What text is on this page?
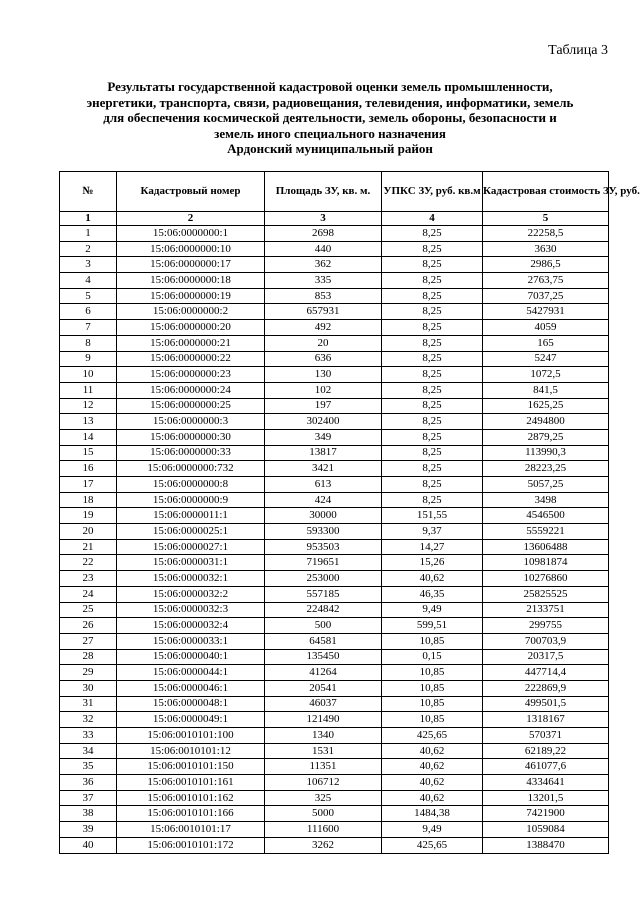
Таблица 3
Результаты государственной кадастровой оценки земель промышленности,
энергетики, транспорта, связи, радиовещания, телевидения, информатики, земель
для обеспечения космической деятельности, земель обороны, безопасности и
земель иного специального назначения
Ардонский муниципальный район
№	Кадастровый номер	Площадь ЗУ, кв. м.	УПКС ЗУ, руб. кв.м	Кадастровая стоимость ЗУ, руб.
1	2	3	4	5
1	15:06:0000000:1	2698	8,25	22258,5
2	15:06:0000000:10	440	8,25	3630
3	15:06:0000000:17	362	8,25	2986,5
4	15:06:0000000:18	335	8,25	2763,75
5	15:06:0000000:19	853	8,25	7037,25
6	15:06:0000000:2	657931	8,25	5427931
7	15:06:0000000:20	492	8,25	4059
8	15:06:0000000:21	20	8,25	165
9	15:06:0000000:22	636	8,25	5247
10	15:06:0000000:23	130	8,25	1072,5
11	15:06:0000000:24	102	8,25	841,5
12	15:06:0000000:25	197	8,25	1625,25
13	15:06:0000000:3	302400	8,25	2494800
14	15:06:0000000:30	349	8,25	2879,25
15	15:06:0000000:33	13817	8,25	113990,3
16	15:06:0000000:732	3421	8,25	28223,25
17	15:06:0000000:8	613	8,25	5057,25
18	15:06:0000000:9	424	8,25	3498
19	15:06:0000011:1	30000	151,55	4546500
20	15:06:0000025:1	593300	9,37	5559221
21	15:06:0000027:1	953503	14,27	13606488
22	15:06:0000031:1	719651	15,26	10981874
23	15:06:0000032:1	253000	40,62	10276860
24	15:06:0000032:2	557185	46,35	25825525
25	15:06:0000032:3	224842	9,49	2133751
26	15:06:0000032:4	500	599,51	299755
27	15:06:0000033:1	64581	10,85	700703,9
28	15:06:0000040:1	135450	0,15	20317,5
29	15:06:0000044:1	41264	10,85	447714,4
30	15:06:0000046:1	20541	10,85	222869,9
31	15:06:0000048:1	46037	10,85	499501,5
32	15:06:0000049:1	121490	10,85	1318167
33	15:06:0010101:100	1340	425,65	570371
34	15:06:0010101:12	1531	40,62	62189,22
35	15:06:0010101:150	11351	40,62	461077,6
36	15:06:0010101:161	106712	40,62	4334641
37	15:06:0010101:162	325	40,62	13201,5
38	15:06:0010101:166	5000	1484,38	7421900
39	15:06:0010101:17	111600	9,49	1059084
40	15:06:0010101:172	3262	425,65	1388470
